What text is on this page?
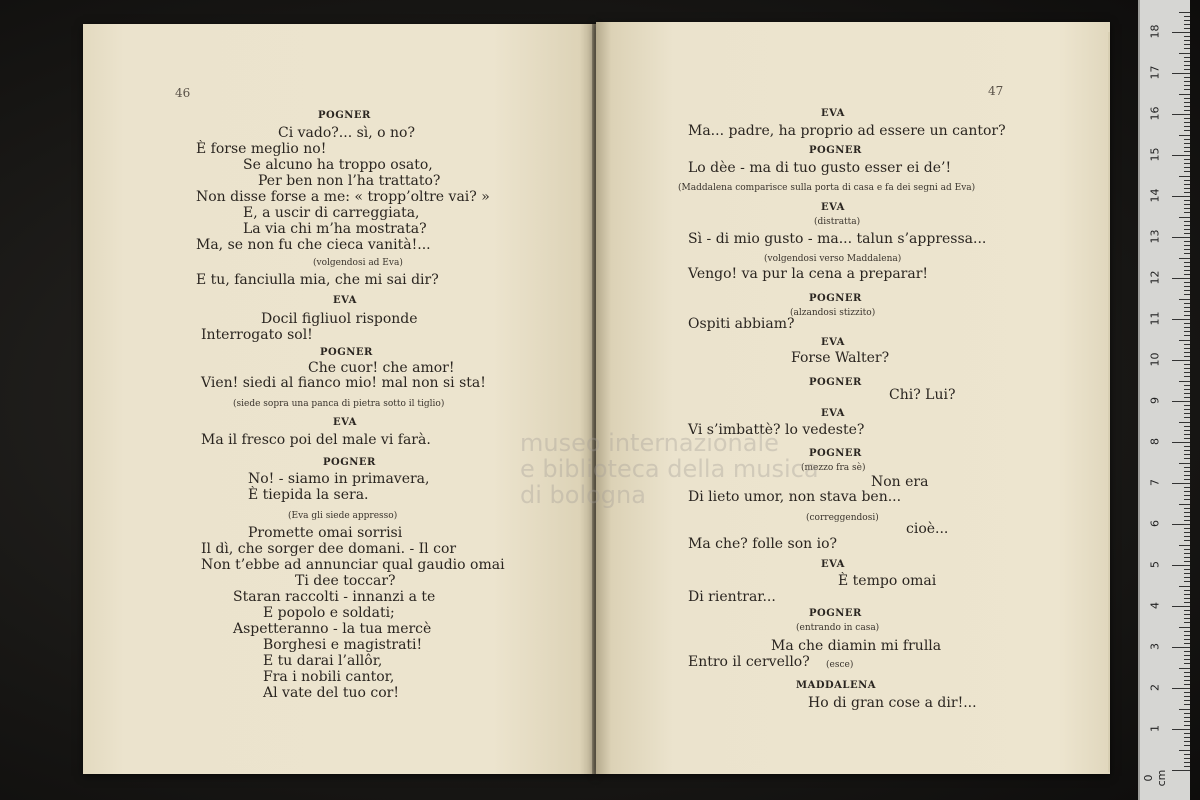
46
POGNER
Ci vado?... sì, o no?
È forse meglio no!
Se alcuno ha troppo osato,
Per ben non l’ha trattato?
Non disse forse a me: « tropp’oltre vai? »
E, a uscir di carreggiata,
La via chi m’ha mostrata?
Ma, se non fu che cieca vanità!...
(volgendosi ad Eva)
E tu, fanciulla mia, che mi sai dir?
EVA
Docil figliuol risponde
Interrogato sol!
POGNER
Che cuor! che amor!
Vien! siedi al fianco mio! mal non si sta!
(siede sopra una panca di pietra sotto il tiglio)
EVA
Ma il fresco poi del male vi farà.
POGNER
No! - siamo in primavera,
È tiepida la sera.
(Eva gli siede appresso)
Promette omai sorrisi
Il dì, che sorger dee domani. - Il cor
Non t’ebbe ad annunciar qual gaudio omai
Ti dee toccar?
Staran raccolti - innanzi a te
E popolo e soldati;
Aspetteranno - la tua mercè
Borghesi e magistrati!
E tu darai l’allôr,
Fra i nobili cantor,
Al vate del tuo cor!
47
EVA
Ma... padre, ha proprio ad essere un cantor?
POGNER
Lo dèe - ma di tuo gusto esser ei de’!
(Maddalena comparisce sulla porta di casa e fa dei segni ad Eva)
EVA
(distratta)
Sì - di mio gusto - ma... talun s’appressa...
(volgendosi verso Maddalena)
Vengo! va pur la cena a preparar!
POGNER
(alzandosi stizzito)
Ospiti abbiam?
EVA
Forse Walter?
POGNER
Chi? Lui?
EVA
Vi s’imbattè? lo vedeste?
POGNER
(mezzo fra sè)
Non era
Di lieto umor, non stava ben...
(correggendosi)
cioè...
Ma che? folle son io?
EVA
È tempo omai
Di rientrar...
POGNER
(entrando in casa)
Ma che diamin mi frulla
Entro il cervello? (esce)
MADDALENA
Ho di gran cose a dir!...
museo internazionale
e biblioteca della musica
di bologna
0 cm
1
2
3
4
5
6
7
8
9
10
11
12
13
14
15
16
17
18
